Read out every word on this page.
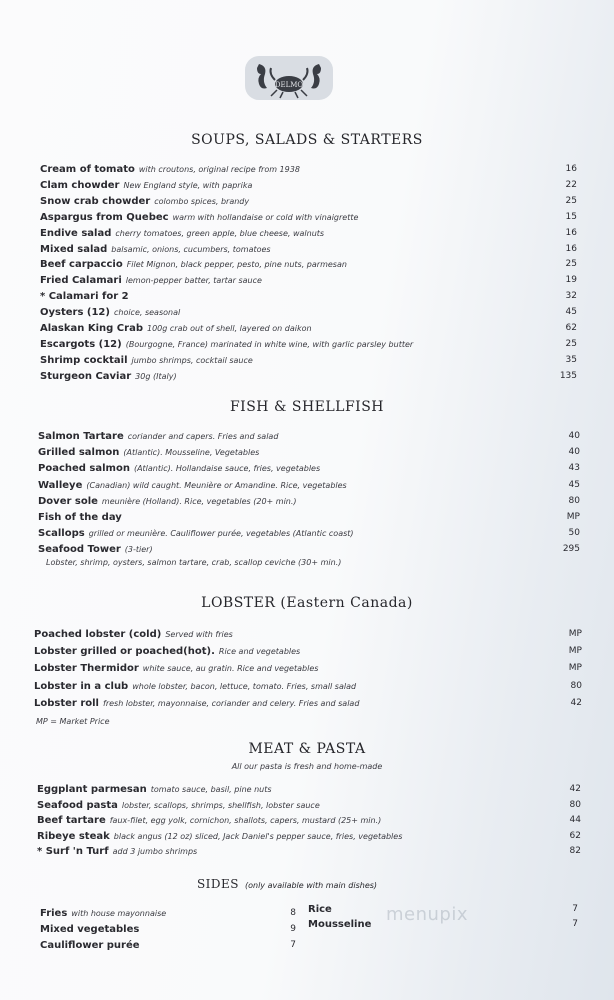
DELMO
SOUPS, SALADS & STARTERS
Cream of tomato with croutons, original recipe from 1938	16
Clam chowder New England style, with paprika	22
Snow crab chowder colombo spices, brandy	25
Aspargus from Quebec warm with hollandaise or cold with vinaigrette	15
Endive salad cherry tomatoes, green apple, blue cheese, walnuts	16
Mixed salad balsamic, onions, cucumbers, tomatoes	16
Beef carpaccio Filet Mignon, black pepper, pesto, pine nuts, parmesan	25
Fried Calamari lemon-pepper batter, tartar sauce	19
* Calamari for 2	32
Oysters (12) choice, seasonal	45
Alaskan King Crab 100g crab out of shell, layered on daikon	62
Escargots (12) (Bourgogne, France) marinated in white wine, with garlic parsley butter	25
Shrimp cocktail jumbo shrimps, cocktail sauce	35
Sturgeon Caviar 30g (Italy)	135
FISH & SHELLFISH
Salmon Tartare coriander and capers. Fries and salad	40
Grilled salmon (Atlantic). Mousseline, Vegetables	40
Poached salmon (Atlantic). Hollandaise sauce, fries, vegetables	43
Walleye (Canadian) wild caught. Meunière or Amandine. Rice, vegetables	45
Dover sole meunière (Holland). Rice, vegetables (20+ min.)	80
Fish of the day	MP
Scallops grilled or meunière. Cauliflower purée, vegetables (Atlantic coast)	50
Seafood Tower (3-tier)	295
Lobster, shrimp, oysters, salmon tartare, crab, scallop ceviche (30+ min.)
LOBSTER (Eastern Canada)
Poached lobster (cold) Served with fries	MP
Lobster grilled or poached(hot). Rice and vegetables	MP
Lobster Thermidor white sauce, au gratin. Rice and vegetables	MP
Lobster in a club whole lobster, bacon, lettuce, tomato. Fries, small salad	80
Lobster roll fresh lobster, mayonnaise, coriander and celery. Fries and salad	42
MP = Market Price
MEAT & PASTA
All our pasta is fresh and home-made
Eggplant parmesan tomato sauce, basil, pine nuts	42
Seafood pasta lobster, scallops, shrimps, shellfish, lobster sauce	80
Beef tartare faux-filet, egg yolk, cornichon, shallots, capers, mustard (25+ min.)	44
Ribeye steak black angus (12 oz) sliced, Jack Daniel's pepper sauce, fries, vegetables	62
* Surf 'n Turf add 3 jumbo shrimps	82
SIDES (only available with main dishes)
Fries with house mayonnaise	8
Mixed vegetables	9
Cauliflower purée	7
Rice	7
Mousseline	7
menupix
